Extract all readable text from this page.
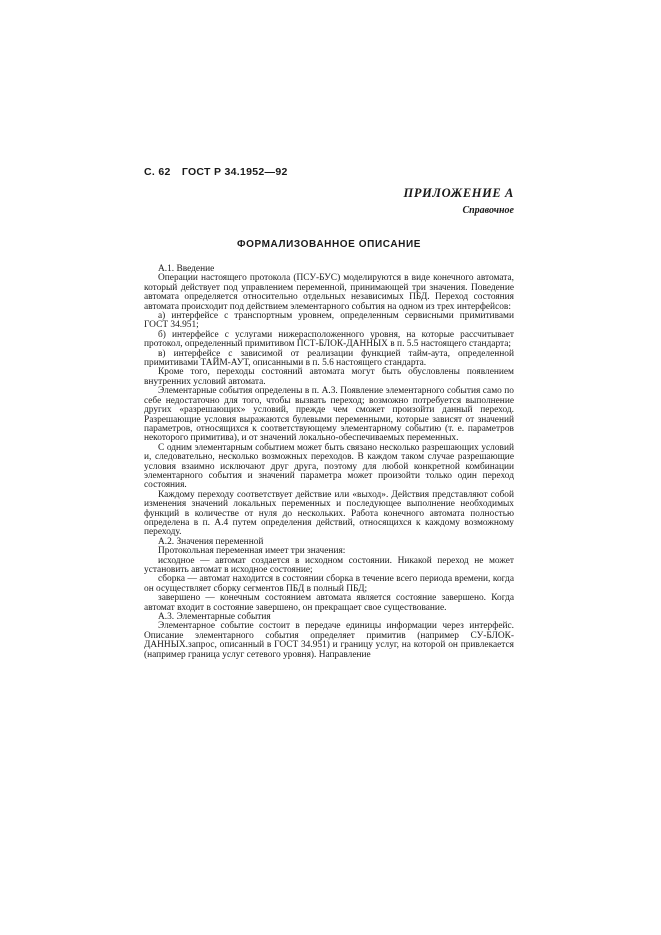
С. 62 ГОСТ Р 34.1952—92
ПРИЛОЖЕНИЕ А
Справочное
ФОРМАЛИЗОВАННОЕ ОПИСАНИЕ

А.1. Введение

Операции настоящего протокола (ПСУ-БУС) моделируются в виде конечного автомата, который действует под управлением переменной, принимающей три значения. Поведение автомата определяется относительно отдельных независимых ПБД. Переход состояния автомата происходит под действием элементарного события на одном из трех интерфейсов:

а) интерфейсе с транспортным уровнем, определенным сервисными примитивами ГОСТ 34.951;

б) интерфейсе с услугами нижерасположенного уровня, на которые рассчитывает протокол, определенный примитивом ПСТ-БЛОК-ДАННЫХ в п. 5.5 настоящего стандарта;

в) интерфейсе с зависимой от реализации функцией тайм-аута, определенной примитивами ТАЙМ-АУТ, описанными в п. 5.6 настоящего стандарта.

Кроме того, переходы состояний автомата могут быть обусловлены появлением внутренних условий автомата.

Элементарные события определены в п. А.3. Появление элементарного события само по себе недостаточно для того, чтобы вызвать переход; возможно потребуется выполнение других «разрешающих» условий, прежде чем сможет произойти данный переход. Разрешающие условия выражаются булевыми переменными, которые зависят от значений параметров, относящихся к соответствующему элементарному событию (т. е. параметров некоторого примитива), и от значений локально-обеспечиваемых переменных.

С одним элементарным событием может быть связано несколько разрешающих условий и, следовательно, несколько возможных переходов. В каждом таком случае разрешающие условия взаимно исключают друг друга, поэтому для любой конкретной комбинации элементарного события и значений параметра может произойти только один переход состояния.

Каждому переходу соответствует действие или «выход». Действия представляют собой изменения значений локальных переменных и последующее выполнение необходимых функций в количестве от нуля до нескольких. Работа конечного автомата полностью определена в п. А.4 путем определения действий, относящихся к каждому возможному переходу.

А.2. Значения переменной

Протокольная переменная имеет три значения:

исходное — автомат создается в исходном состоянии. Никакой переход не может установить автомат в исходное состояние;

сборка — автомат находится в состоянии сборка в течение всего периода времени, когда он осуществляет сборку сегментов ПБД в полный ПБД;

завершено — конечным состоянием автомата является состояние завершено. Когда автомат входит в состояние завершено, он прекращает свое существование.

А.3. Элементарные события

Элементарное событие состоит в передаче единицы информации через интерфейс. Описание элементарного события определяет примитив (например СУ-БЛОК-ДАННЫХ.запрос, описанный в ГОСТ 34.951) и границу услуг, на которой он привлекается (например граница услуг сетевого уровня). Направление
